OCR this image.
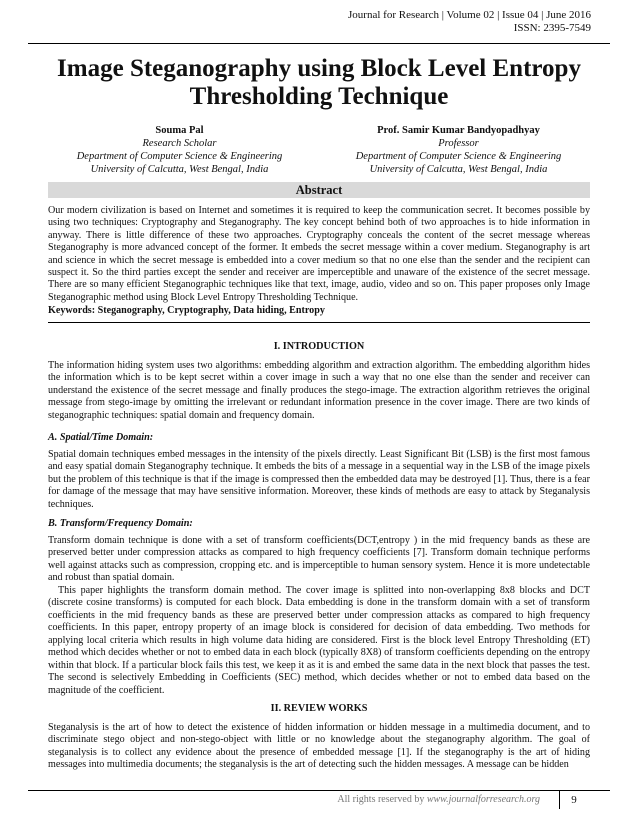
Journal for Research | Volume 02 | Issue 04 | June 2016
ISSN: 2395-7549
Image Steganography using Block Level Entropy
Thresholding Technique
Souma Pal
Research Scholar
Department of Computer Science & Engineering
University of Calcutta, West Bengal, India
Prof. Samir Kumar Bandyopadhyay
Professor
Department of Computer Science & Engineering
University of Calcutta, West Bengal, India
Abstract

Our modern civilization is based on Internet and sometimes it is required to keep the communication secret. It becomes possible by using two techniques: Cryptography and Steganography. The key concept behind both of two approaches is to hide information in anyway. There is little difference of these two approaches. Cryptography conceals the content of the secret message whereas Steganography is more advanced concept of the former. It embeds the secret message within a cover medium. Steganography is art and science in which the secret message is embedded into a cover medium so that no one else than the sender and the recipient can suspect it. So the third parties except the sender and receiver are imperceptible and unaware of the existence of the secret message. There are so many efficient Steganographic techniques like that text, image, audio, video and so on. This paper proposes only Image Steganographic method using Block Level Entropy Thresholding Technique.

Keywords: Steganography, Cryptography, Data hiding, Entropy

I. INTRODUCTION

The information hiding system uses two algorithms: embedding algorithm and extraction algorithm. The embedding algorithm hides the information which is to be kept secret within a cover image in such a way that no one else than the sender and receiver can understand the existence of the secret message and finally produces the stego-image. The extraction algorithm retrieves the original message from stego-image by omitting the irrelevant or redundant information presence in the cover image. There are two kinds of steganographic techniques: spatial domain and frequency domain.

A. Spatial/Time Domain:

Spatial domain techniques embed messages in the intensity of the pixels directly. Least Significant Bit (LSB) is the first most famous and easy spatial domain Steganography technique. It embeds the bits of a message in a sequential way in the LSB of the image pixels but the problem of this technique is that if the image is compressed then the embedded data may be destroyed [1]. Thus, there is a fear for damage of the message that may have sensitive information. Moreover, these kinds of methods are easy to attack by Steganalysis techniques.

B. Transform/Frequency Domain:

Transform domain technique is done with a set of transform coefficients(DCT,entropy ) in the mid frequency bands as these are preserved better under compression attacks as compared to high frequency coefficients [7]. Transform domain technique performs well against attacks such as compression, cropping etc. and is imperceptible to human sensory system. Hence it is more undetectable and robust than spatial domain.

This paper highlights the transform domain method. The cover image is splitted into non-overlapping 8x8 blocks and DCT (discrete cosine transforms) is computed for each block. Data embedding is done in the transform domain with a set of transform coefficients in the mid frequency bands as these are preserved better under compression attacks as compared to high frequency coefficients. In this paper, entropy property of an image block is considered for decision of data embedding. Two methods for applying local criteria which results in high volume data hiding are considered. First is the block level Entropy Thresholding (ET) method which decides whether or not to embed data in each block (typically 8X8) of transform coefficients depending on the entropy within that block. If a particular block fails this test, we keep it as it is and embed the same data in the next block that passes the test. The second is selectively Embedding in Coefficients (SEC) method, which decides whether or not to embed data based on the magnitude of the coefficient.

II. REVIEW WORKS

Steganalysis is the art of how to detect the existence of hidden information or hidden message in a multimedia document, and to discriminate stego object and non-stego-object with little or no knowledge about the steganography algorithm. The goal of steganalysis is to collect any evidence about the presence of embedded message [1]. If the steganography is the art of hiding messages into multimedia documents; the steganalysis is the art of detecting such the hidden messages. A message can be hidden

All rights reserved by www.journalforresearch.org	9
